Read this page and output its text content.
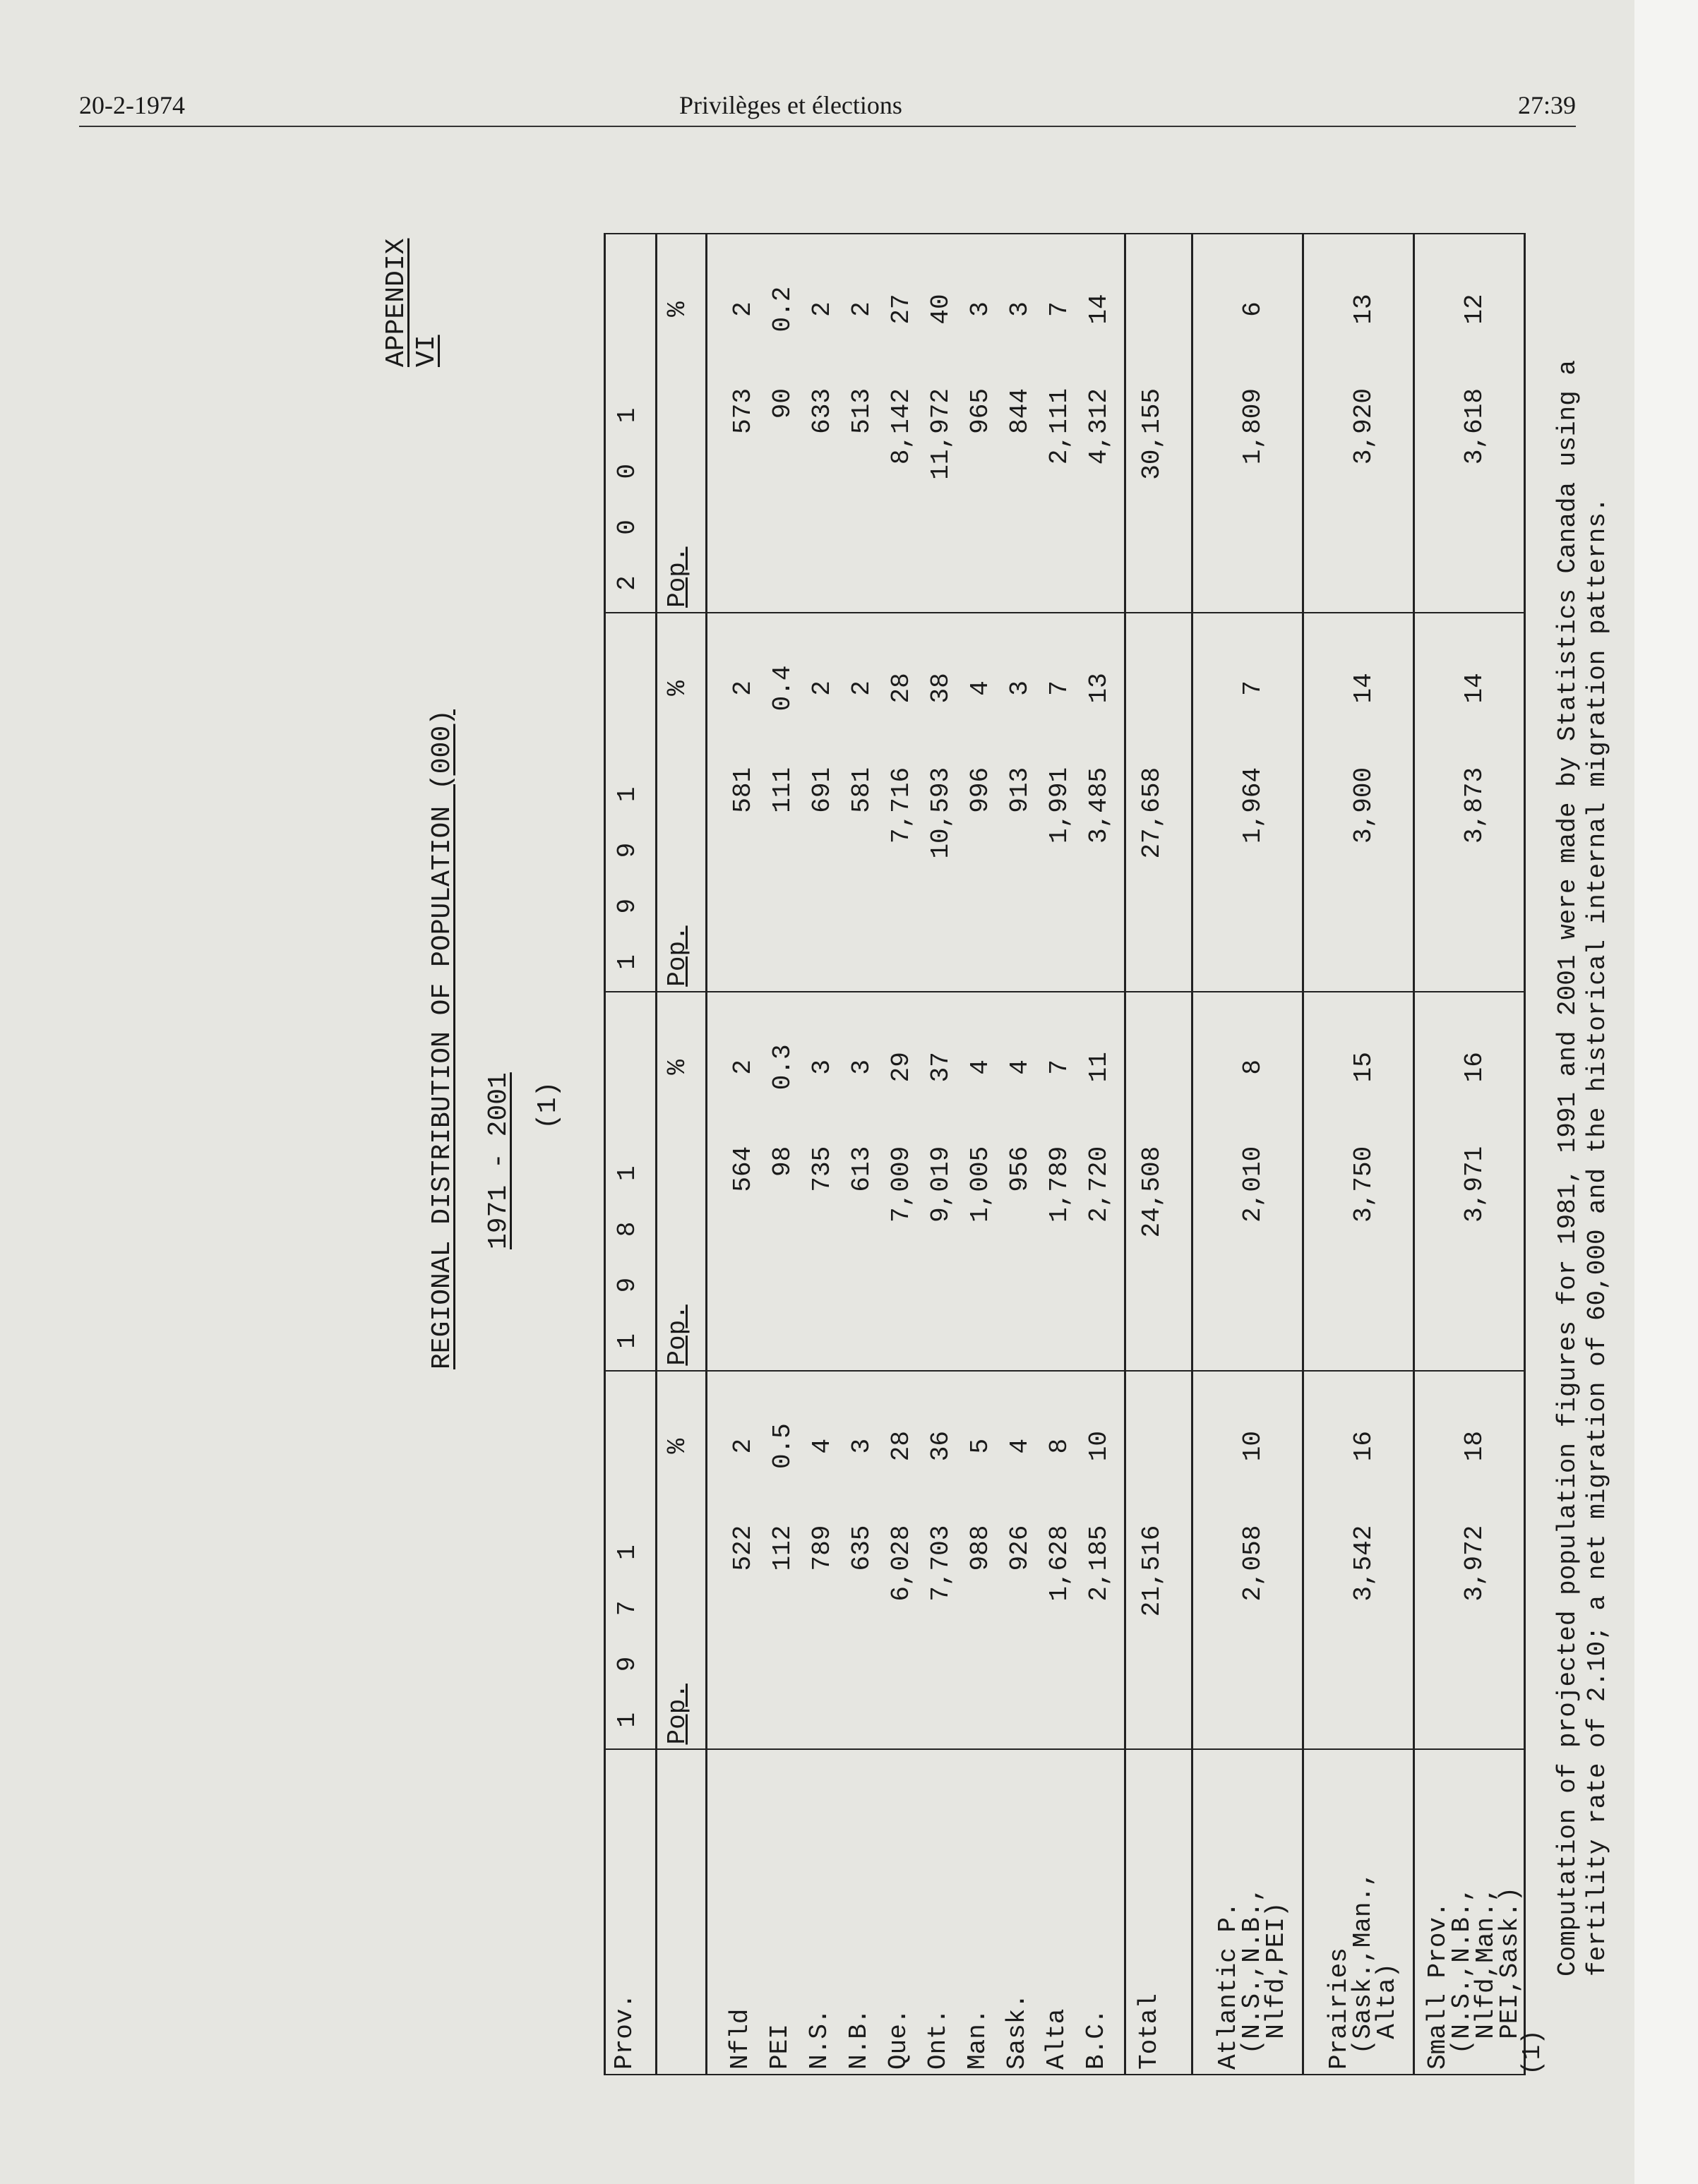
20-2-1974	Privilèges et élections	27:39
APPENDIX VI
REGIONAL DISTRIBUTION OF POPULATION (000)	(1)
1971 - 2001
Prov.	1 9 7 1		1 9 8 1		1 9 9 1		2 0 0 1	
	Pop.	%	Pop.	%	Pop.	%	Pop.	%

Nfld	522	2	564	2	581	2	573	2
PEI	112	0.5	98	0.3	111	0.4	90	0.2
N.S.	789	4	735	3	691	2	633	2
N.B.	635	3	613	3	581	2	513	2
Que.	6,028	28	7,009	29	7,716	28	8,142	27
Ont.	7,703	36	9,019	37	10,593	38	11,972	40
Man.	988	5	1,005	4	996	4	965	3
Sask.	926	4	956	4	913	3	844	3
Alta	1,628	8	1,789	7	1,991	7	2,111	7
B.C.	2,185	10	2,720	11	3,485	13	4,312	14
Total	21,516		24,508		27,658		30,155	
Atlantic P.
(N.S.,N.B.,
Nlfd,PEI)	2,058	10	2,010	8	1,964	7	1,809	6
Prairies
(Sask.,Man.,
Alta)	3,542	16	3,750	15	3,900	14	3,920	13
Small Prov.
(N.S.,N.B.,
Nlfd,Man.,
PEI,Sask.)	3,972	18	3,971	16	3,873	14	3,618	12
(1)
Computation of projected population figures for 1981, 1991 and 2001 were made by Statistics Canada using a fertility rate of 2.10; a net migration of 60,000 and the historical internal migration patterns.
